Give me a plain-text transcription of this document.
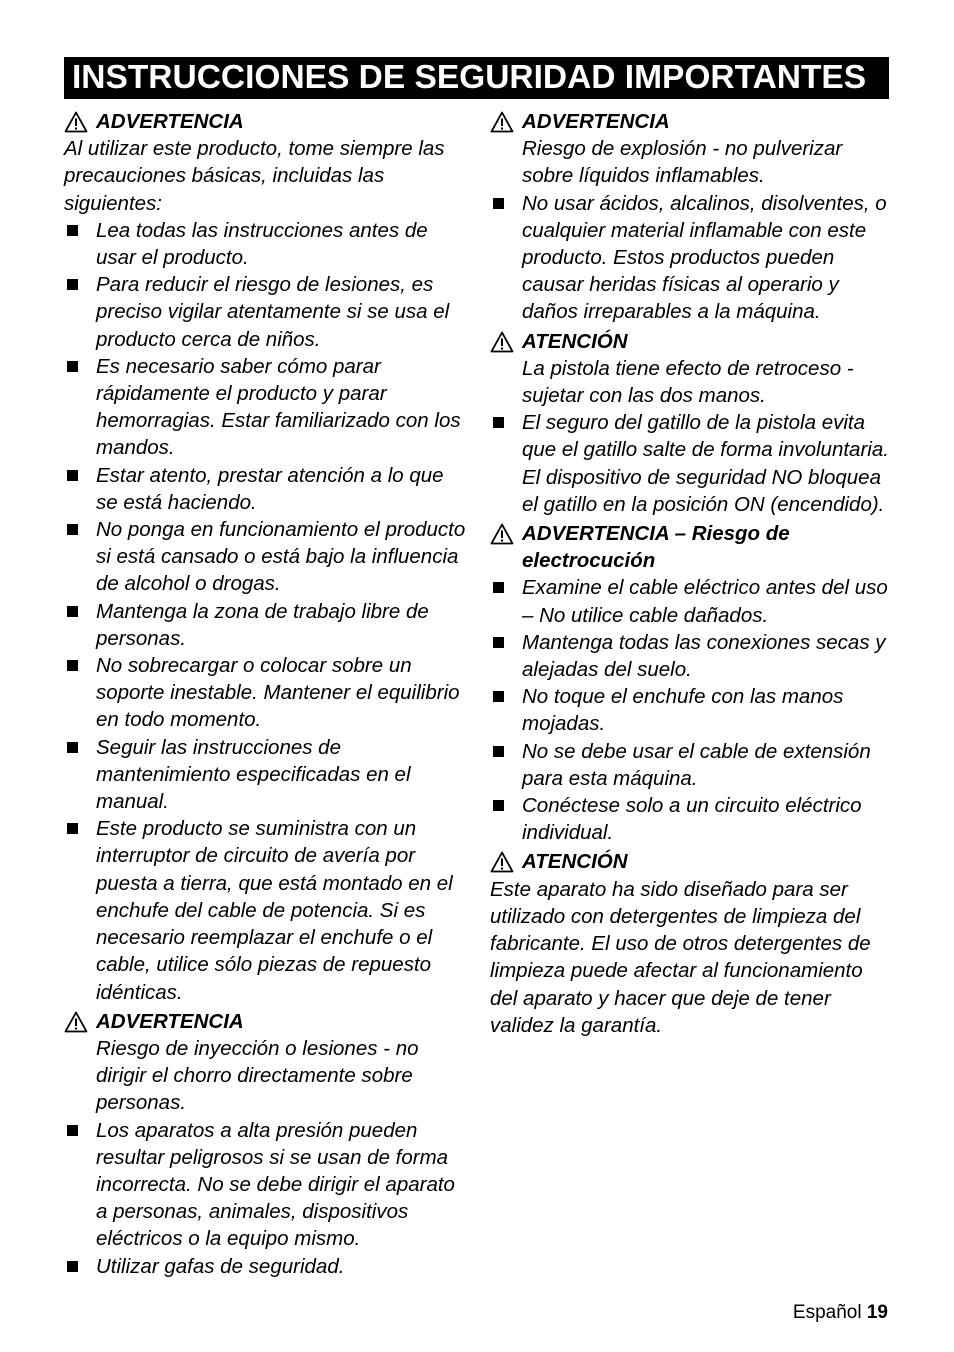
INSTRUCCIONES DE SEGURIDAD IMPORTANTES
ADVERTENCIA
Al utilizar este producto, tome siempre las precauciones básicas, incluidas las siguientes:
Lea todas las instrucciones antes de usar el producto.
Para reducir el riesgo de lesiones, es preciso vigilar atentamente si se usa el producto cerca de niños.
Es necesario saber cómo parar rápidamente el producto y parar hemorragias. Estar familiarizado con los mandos.
Estar atento, prestar atención a lo que se está haciendo.
No ponga en funcionamiento el producto si está cansado o está bajo la influencia de alcohol o drogas.
Mantenga la zona de trabajo libre de personas.
No sobrecargar o colocar sobre un soporte inestable. Mantener el equilibrio en todo momento.
Seguir las instrucciones de mantenimiento especificadas en el manual.
Este producto se suministra con un interruptor de circuito de avería por puesta a tierra, que está montado en el enchufe del cable de potencia. Si es necesario reemplazar el enchufe o el cable, utilice sólo piezas de repuesto idénticas.
ADVERTENCIA
Riesgo de inyección o lesiones - no dirigir el chorro directamente sobre personas.
Los aparatos a alta presión pueden resultar peligrosos si se usan de forma incorrecta. No se debe dirigir el aparato a personas, animales, dispositivos eléctricos o la equipo mismo.
Utilizar gafas de seguridad.
ADVERTENCIA
Riesgo de explosión - no pulverizar sobre líquidos inflamables.
No usar ácidos, alcalinos, disolventes, o cualquier material inflamable con este producto. Estos productos pueden causar heridas físicas al operario y daños irreparables a la máquina.
ATENCIÓN
La pistola tiene efecto de retroceso - sujetar con las dos manos.
El seguro del gatillo de la pistola evita que el gatillo salte de forma involuntaria. El dispositivo de seguridad NO bloquea el gatillo en la posición ON (encendido).
ADVERTENCIA – Riesgo de electrocución
Examine el cable eléctrico antes del uso – No utilice cable dañados.
Mantenga todas las conexiones secas y alejadas del suelo.
No toque el enchufe con las manos mojadas.
No se debe usar el cable de extensión para esta máquina.
Conéctese solo a un circuito eléctrico individual.
ATENCIÓN
Este aparato ha sido diseñado para ser utilizado con detergentes de limpieza del fabricante. El uso de otros detergentes de limpieza puede afectar al funcionamiento del aparato y hacer que deje de tener validez la garantía.
Español 19
